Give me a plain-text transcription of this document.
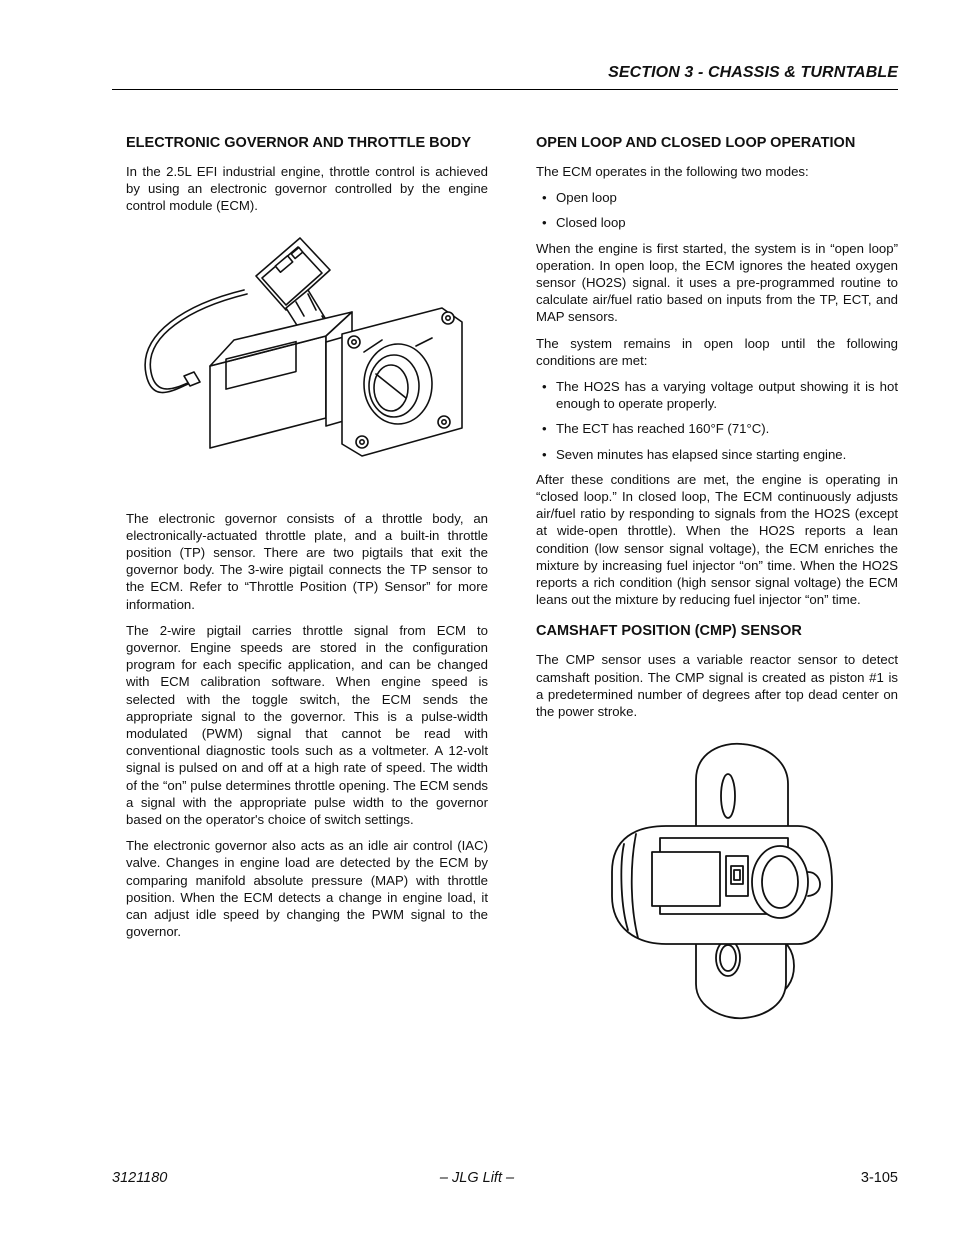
SECTION 3 - CHASSIS & TURNTABLE
ELECTRONIC GOVERNOR AND THROTTLE BODY

In the 2.5L EFI industrial engine, throttle control is achieved by using an electronic governor controlled by the engine control module (ECM).

The electronic governor consists of a throttle body, an electronically-actuated throttle plate, and a built-in throttle position (TP) sensor. There are two pigtails that exit the governor body. The 3-wire pigtail connects the TP sensor to the ECM. Refer to “Throttle Position (TP) Sensor” for more information.

The 2-wire pigtail carries throttle signal from ECM to governor. Engine speeds are stored in the configuration program for each specific application, and can be changed with ECM calibration software. When engine speed is selected with the toggle switch, the ECM sends the appropriate signal to the governor. This is a pulse-width modulated (PWM) signal that cannot be read with conventional diagnostic tools such as a voltmeter. A 12-volt signal is pulsed on and off at a high rate of speed. The width of the “on” pulse determines throttle opening. The ECM sends a signal with the appropriate pulse width to the governor based on the operator's choice of switch settings.

The electronic governor also acts as an idle air control (IAC) valve. Changes in engine load are detected by the ECM by comparing manifold absolute pressure (MAP) with throttle position. When the ECM detects a change in engine load, it can adjust idle speed by changing the PWM signal to the governor.

OPEN LOOP AND CLOSED LOOP OPERATION

The ECM operates in the following two modes:

• Open loop
• Closed loop

When the engine is first started, the system is in “open loop” operation. In open loop, the ECM ignores the heated oxygen sensor (HO2S) signal. it uses a pre-programmed routine to calculate air/fuel ratio based on inputs from the TP, ECT, and MAP sensors.

The system remains in open loop until the following conditions are met:

• The HO2S has a varying voltage output showing it is hot enough to operate properly.
• The ECT has reached 160°F (71°C).
• Seven minutes has elapsed since starting engine.

After these conditions are met, the engine is operating in “closed loop.” In closed loop, The ECM continuously adjusts air/fuel ratio by responding to signals from the HO2S (except at wide-open throttle). When the HO2S reports a lean condition (low sensor signal voltage), the ECM enriches the mixture by increasing fuel injector “on” time. When the HO2S reports a rich condition (high sensor signal voltage) the ECM leans out the mixture by reducing fuel injector “on” time.

CAMSHAFT POSITION (CMP) SENSOR

The CMP sensor uses a variable reactor sensor to detect camshaft position. The CMP signal is created as piston #1 is a predetermined number of degrees after top dead center on the power stroke.

– JLG Lift –
3121180	3-105
